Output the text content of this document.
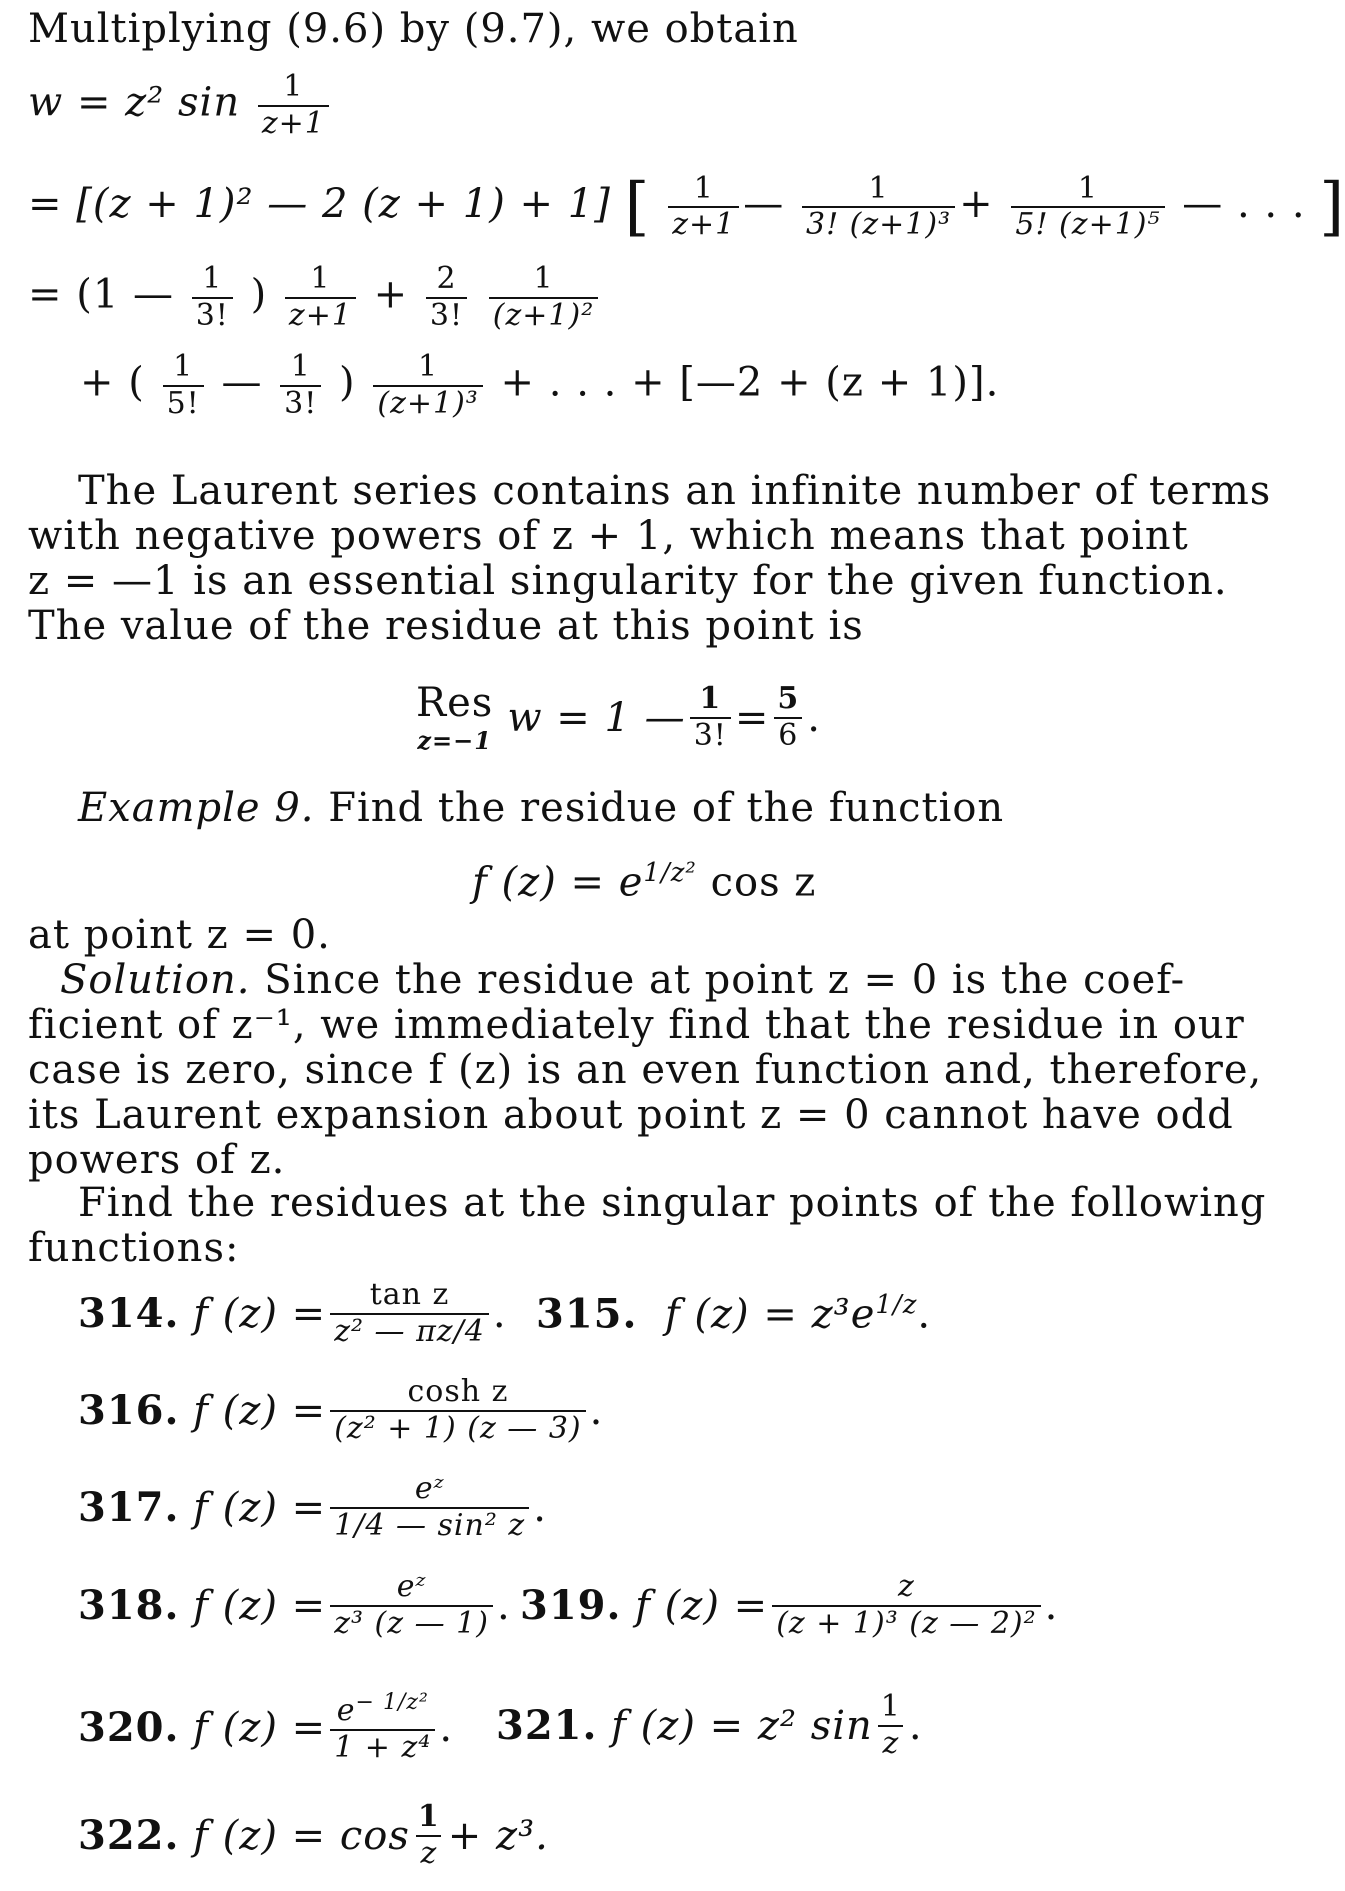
Multiplying (9.6) by (9.7), we obtain
w = z² $\sin \frac{1}{z+1}$
= [(z + 1)² — 2 (z + 1) + 1] [ $\frac{1}{z+1}$ — $\frac{1}{\text{3! (z+1)³}} + \frac{1}{\text{5! (z+1)⁵}}$ — . . . ]
= (1 — $\frac{1}{3!}$ ) $\frac{1}{z+1} + \frac{2}{3!}$
$\frac{1}{\text{(z+1)²}}$
+ ( $\frac{1}{5!}$ — $\frac{1}{3!}$ ) $\frac{1}{\text{(z+1)³}}$ + . . . + [—2 + (z + 1)].
The Laurent series contains an infinite number of terms
with negative powers of z + 1, which means that point
z = —1 is an essential singularity for the given function.
The value of the residue at this point is
Res
z=−1 w = 1 — $\frac{1}{3!} = \frac{5}{6}$ .
Example 9. Find the residue of the function
f $(z) = e^{1/z^2}$ cos z
at point z = 0.
Solution. Since the residue at point z = 0 is the coef-
ficient of z⁻¹, we immediately find that the residue in our
case is zero, since f (z) is an even function and, therefore,
its Laurent expansion about point z = 0 cannot have odd
powers of z.
Find the residues at the singular points of the following
functions:
314.
f $(z) = \frac{\text{tan z}}{\text{z² — πz/4}}$ . 315. f $(z) = z^3e^{1/z}$.
316.
f $(z) = \frac{\text{cosh z}}{\text{(z² + 1) (z — 3)}}$ .
317.
f $(z) = \frac{\text{eᶻ}}{\text{1/4 — sin² z}}$ .
318.
f $(z) = \frac{\text{eᶻ}}{\text{z³ (z — 1)}}$ . 319.
f $(z) = \frac{z}{\text{(z + 1)³ (z — 2)²}}$ .
320.
f $(z) = \frac{e^{- 1/z^2}}{\text{1 + z⁴}}$ . 321.
f (z) = z² $\sin \frac{1}{z}$ .
322.
f $(z) = \cos \frac{1}{z} + z^3$.
